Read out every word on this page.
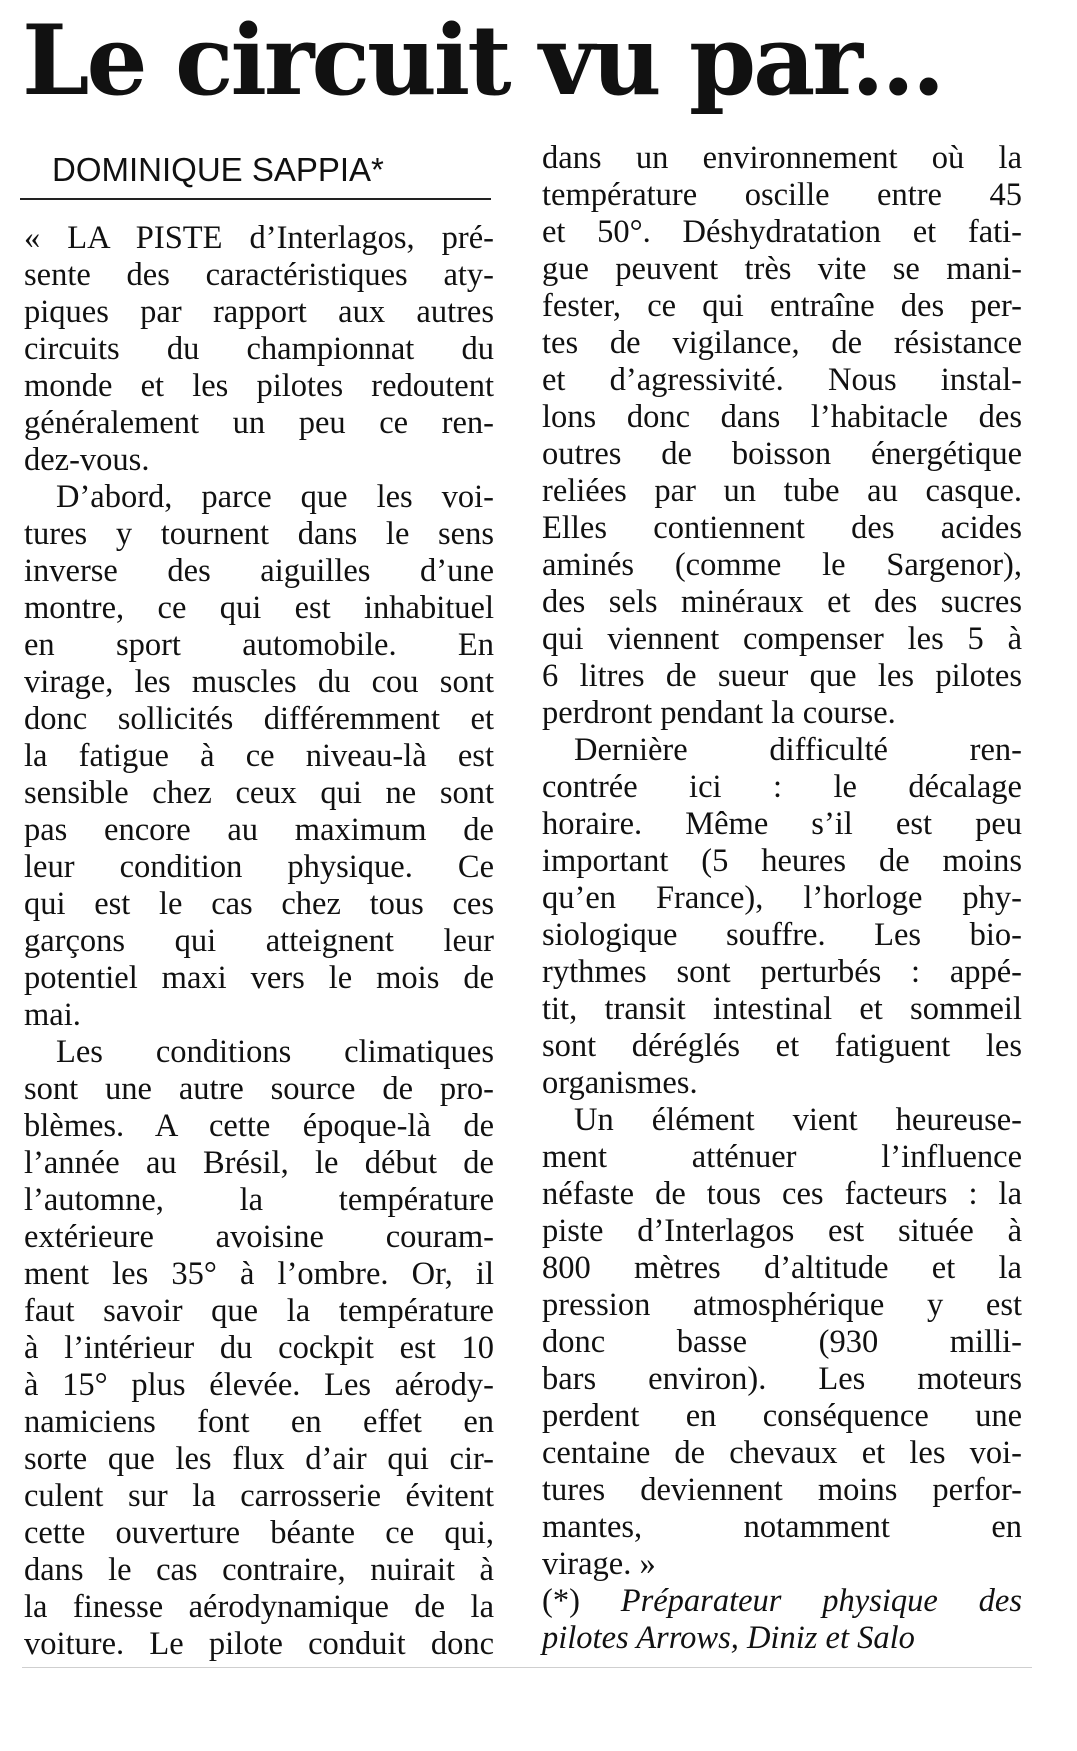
Le circuit vu par...
DOMINIQUE SAPPIA*
« LA PISTE d’Interlagos, pré-
sente des caractéristiques aty-
piques par rapport aux autres
circuits du championnat du
monde et les pilotes redoutent
généralement un peu ce ren-
dez-vous.
D’abord, parce que les voi-
tures y tournent dans le sens
inverse des aiguilles d’une
montre, ce qui est inhabituel
en sport automobile. En
virage, les muscles du cou sont
donc sollicités différemment et
la fatigue à ce niveau-là est
sensible chez ceux qui ne sont
pas encore au maximum de
leur condition physique. Ce
qui est le cas chez tous ces
garçons qui atteignent leur
potentiel maxi vers le mois de
mai.
Les conditions climatiques
sont une autre source de pro-
blèmes. A cette époque-là de
l’année au Brésil, le début de
l’automne, la température
extérieure avoisine couram-
ment les 35° à l’ombre. Or, il
faut savoir que la température
à l’intérieur du cockpit est 10
à 15° plus élevée. Les aérody-
namiciens font en effet en
sorte que les flux d’air qui cir-
culent sur la carrosserie évitent
cette ouverture béante ce qui,
dans le cas contraire, nuirait à
la finesse aérodynamique de la
voiture. Le pilote conduit donc
dans un environnement où la
température oscille entre 45
et 50°. Déshydratation et fati-
gue peuvent très vite se mani-
fester, ce qui entraîne des per-
tes de vigilance, de résistance
et d’agressivité. Nous instal-
lons donc dans l’habitacle des
outres de boisson énergétique
reliées par un tube au casque.
Elles contiennent des acides
aminés (comme le Sargenor),
des sels minéraux et des sucres
qui viennent compenser les 5 à
6 litres de sueur que les pilotes
perdront pendant la course.
Dernière difficulté ren-
contrée ici : le décalage
horaire. Même s’il est peu
important (5 heures de moins
qu’en France), l’horloge phy-
siologique souffre. Les bio-
rythmes sont perturbés : appé-
tit, transit intestinal et sommeil
sont déréglés et fatiguent les
organismes.
Un élément vient heureuse-
ment atténuer l’influence
néfaste de tous ces facteurs : la
piste d’Interlagos est située à
800 mètres d’altitude et la
pression atmosphérique y est
donc basse (930 milli-
bars environ). Les moteurs
perdent en conséquence une
centaine de chevaux et les voi-
tures deviennent moins perfor-
mantes, notamment en
virage. »
(*) Préparateur physique des
pilotes Arrows, Diniz et Salo
